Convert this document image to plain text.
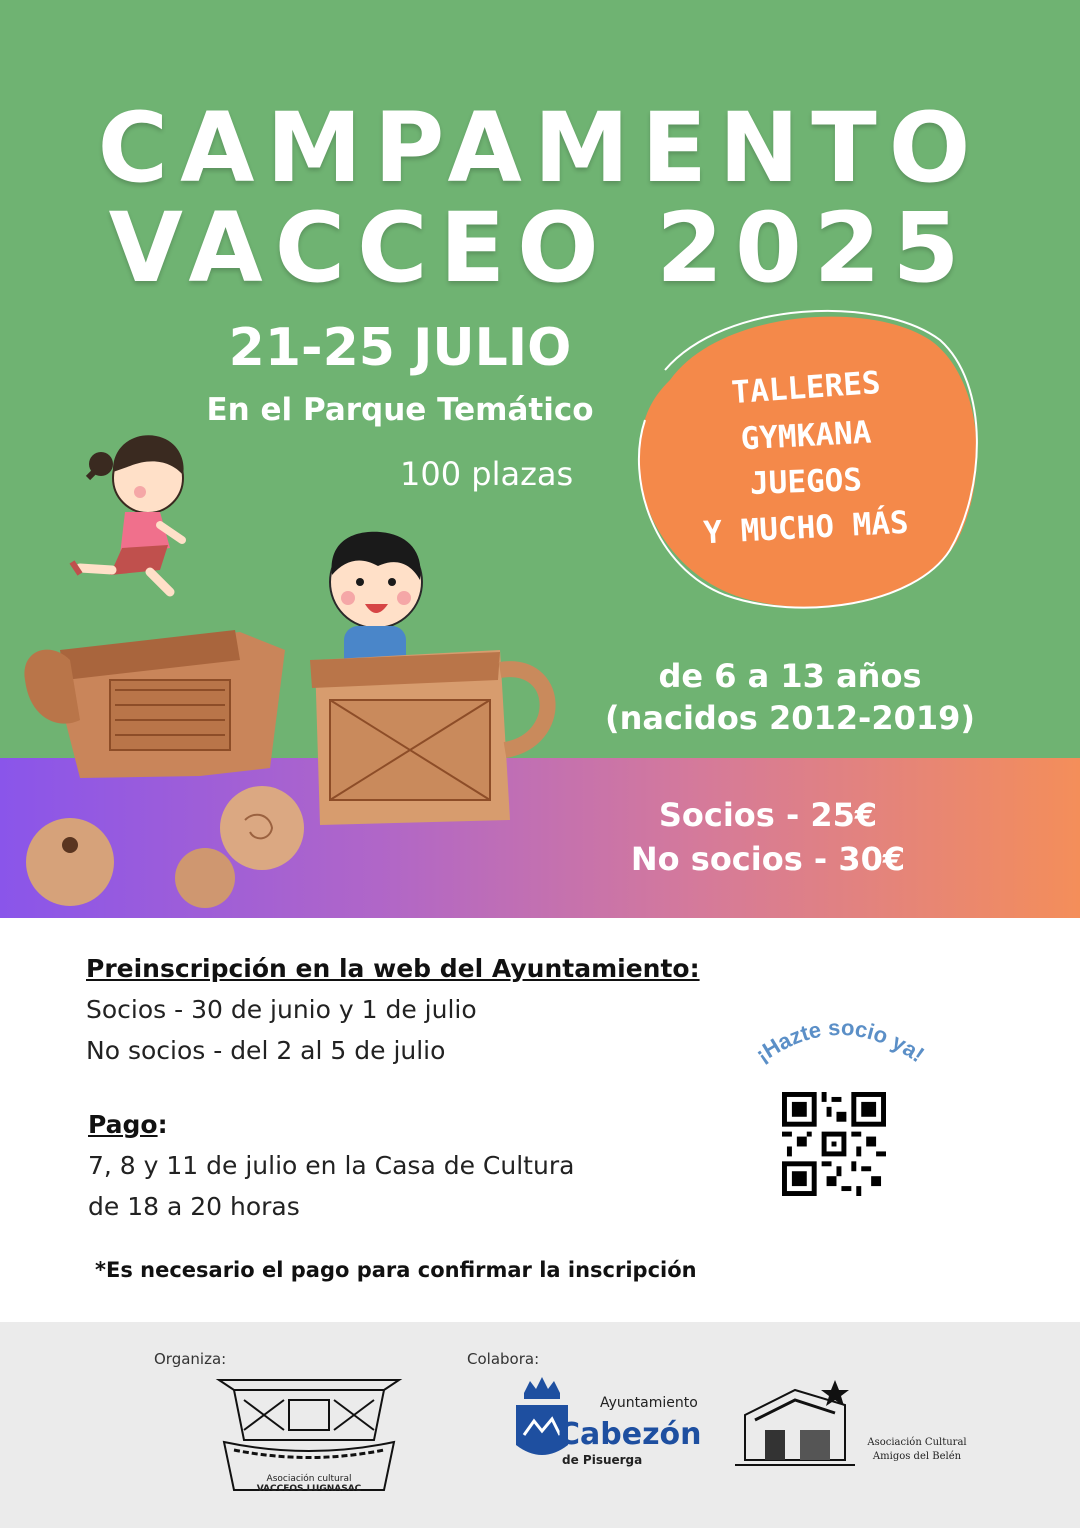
CAMPAMENTO
VACCEO 2025
21-25 JULIO
En el Parque Temático
100 plazas
TALLERES
GYMKANA
JUEGOS
Y MUCHO MÁS
de 6 a 13 años
(nacidos 2012-2019)
Socios - 25€
No socios - 30€
Preinscripción en la web del Ayuntamiento:
Socios - 30 de junio y 1 de julio
No socios - del 2 al 5 de julio
Pago:
7, 8 y 11 de julio en la Casa de Cultura
de 18 a 20 horas
*Es necesario el pago para confirmar la inscripción
¡Hazte socio ya!
Organiza:
Asociación cultural
VACCEOS LUGNASAC
Colabora:
Ayuntamiento
Cabezón
de Pisuerga
Asociación Cultural
Amigos del Belén
